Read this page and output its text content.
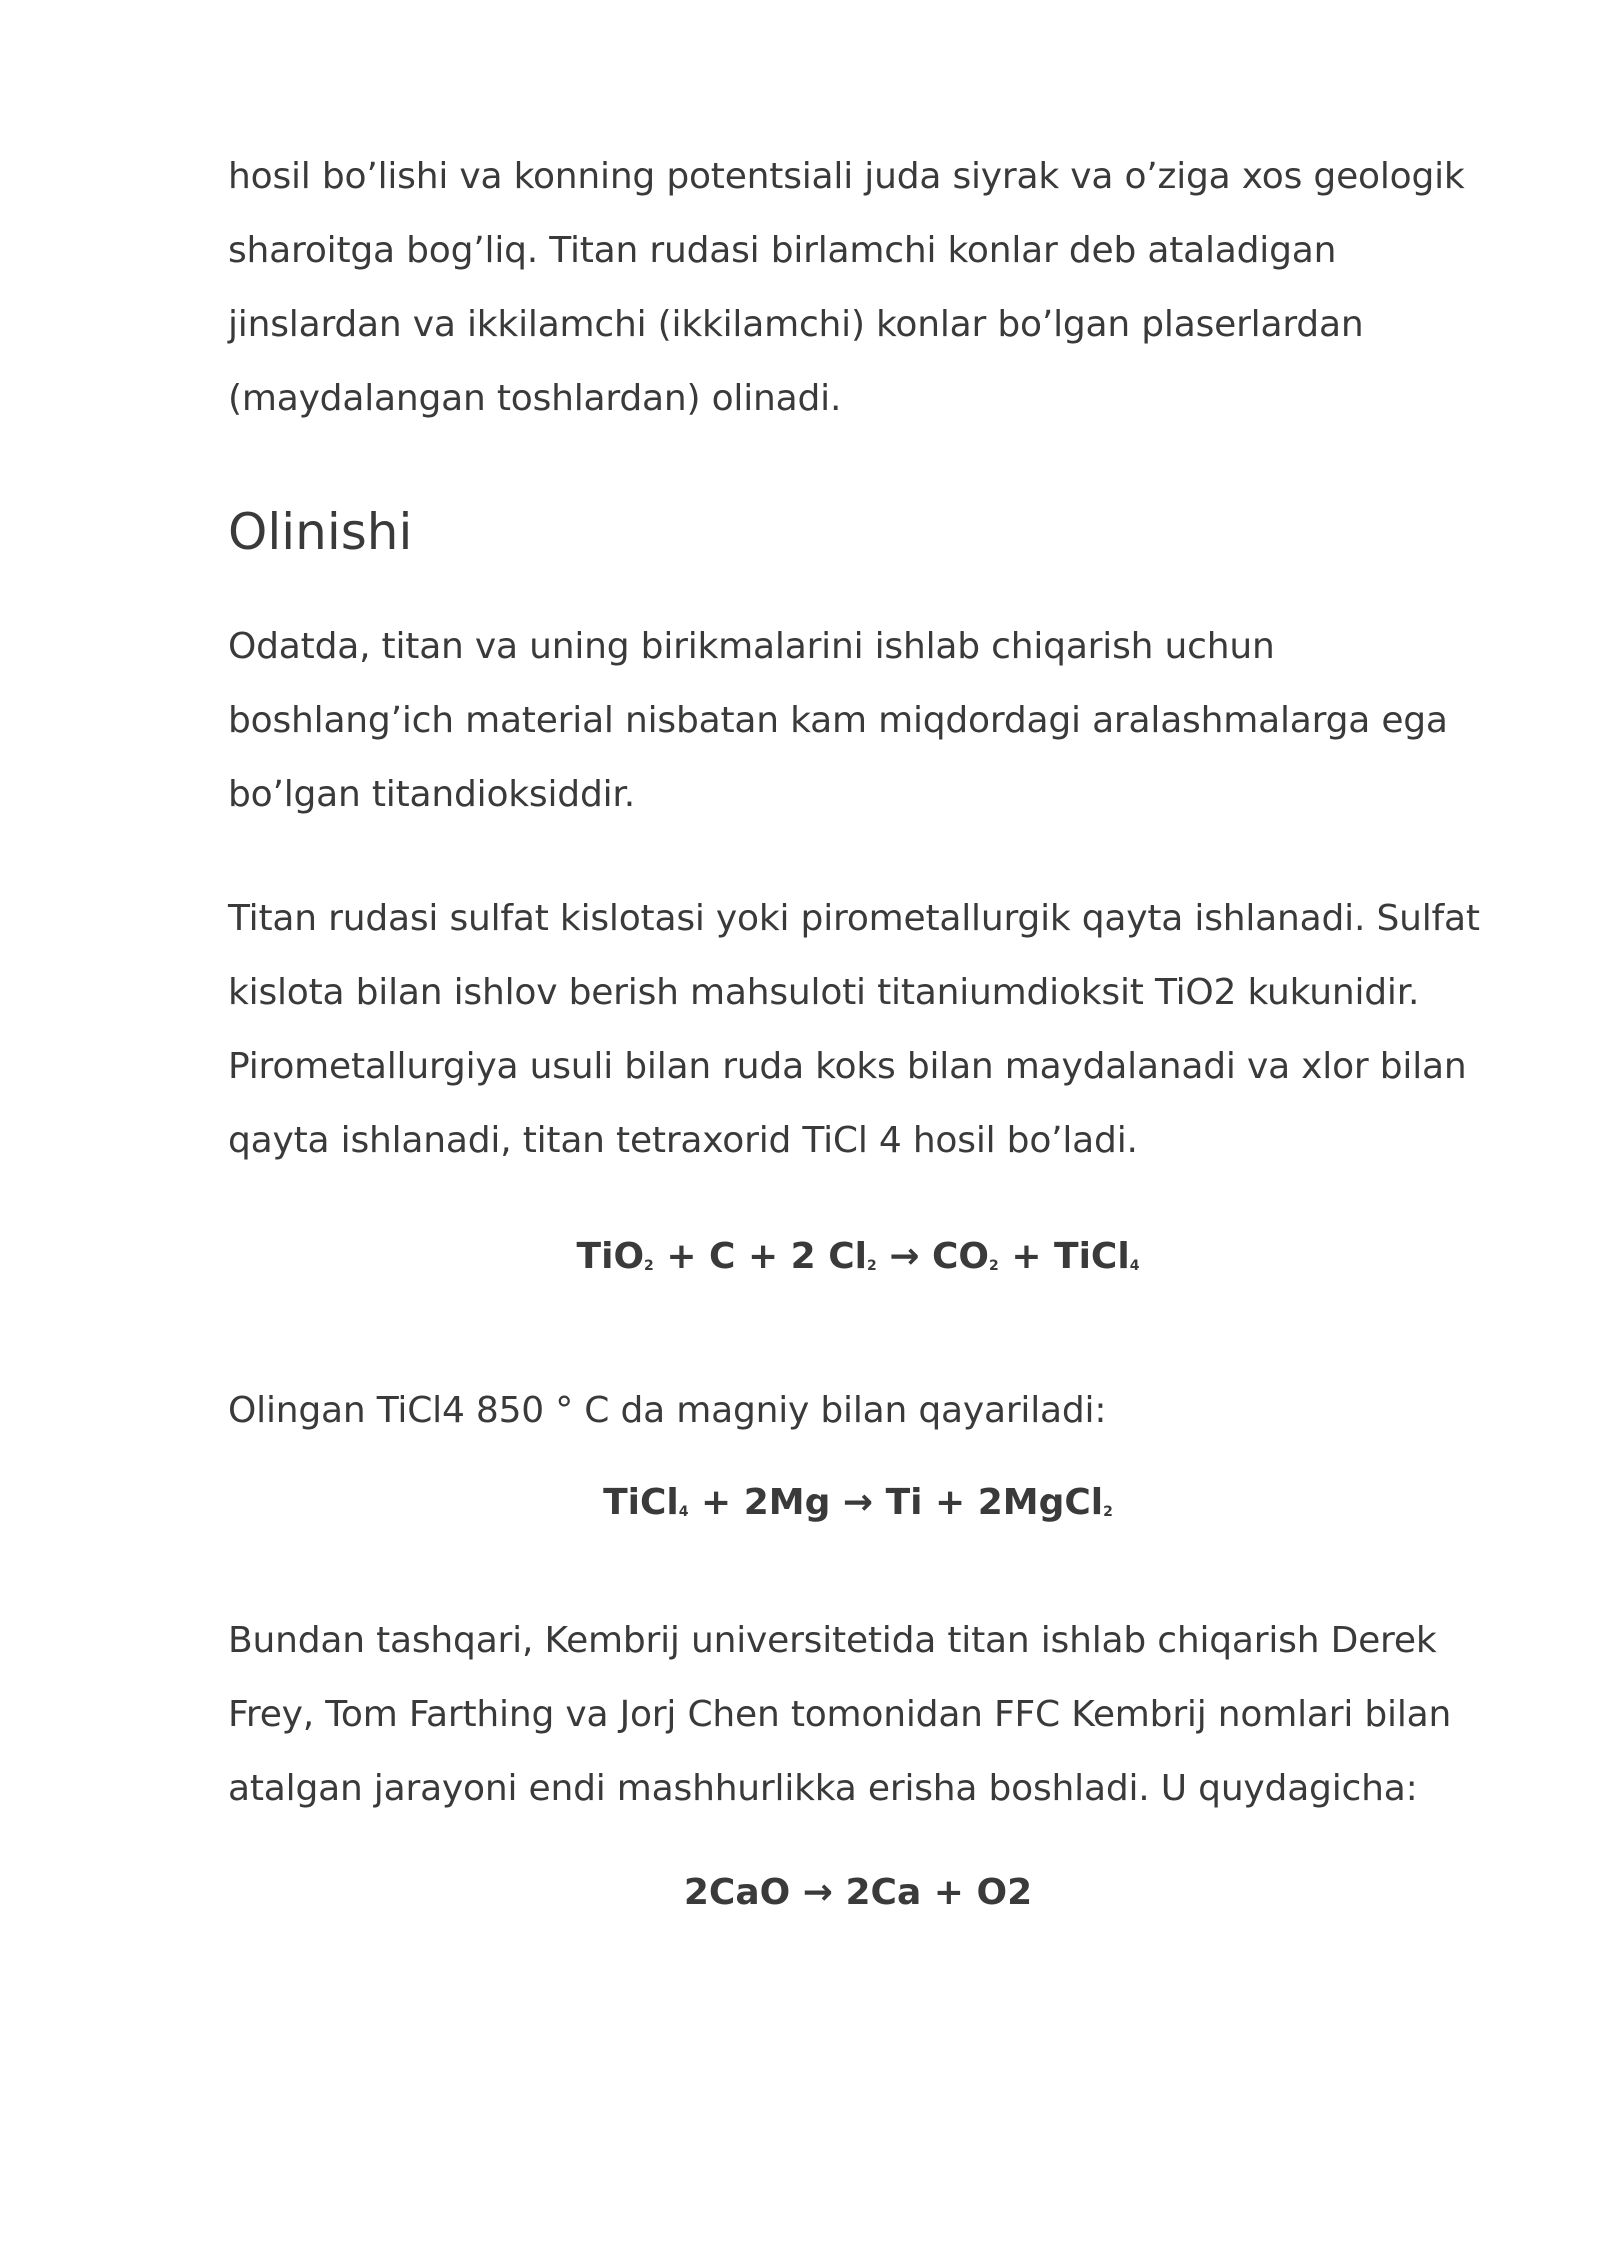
hosil bo’lishi va konning potentsiali juda siyrak va o’ziga xos geologik sharoitga bog’liq. Titan rudasi birlamchi konlar deb ataladigan jinslardan va ikkilamchi (ikkilamchi) konlar bo’lgan plaserlardan (maydalangan toshlardan) olinadi.

Olinishi

Odatda, titan va uning birikmalarini ishlab chiqarish uchun boshlang’ich material nisbatan kam miqdordagi aralashmalarga ega bo’lgan titandioksiddir.

Titan rudasi sulfat kislotasi yoki pirometallurgik qayta ishlanadi. Sulfat kislota bilan ishlov berish mahsuloti titaniumdioksit TiO2 kukunidir. Pirometallurgiya usuli bilan ruda koks bilan maydalanadi va xlor bilan qayta ishlanadi, titan tetraxorid TiCl 4 hosil bo’ladi.

TiO$_2$ + C + 2 $Cl_2 \to CO_2$ + TiCl$_4$

Olingan TiCl4 850 ° C da magniy bilan qayariladi:

TiCl$_4$ + 2Mg → Ti + 2MgCl$_2$

Bundan tashqari, Kembrij universitetida titan ishlab chiqarish Derek Frey, Tom Farthing va Jorj Chen tomonidan FFC Kembrij nomlari bilan atalgan jarayoni endi mashhurlikka erisha boshladi. U quydagicha:

2CaO → 2Ca + O2
